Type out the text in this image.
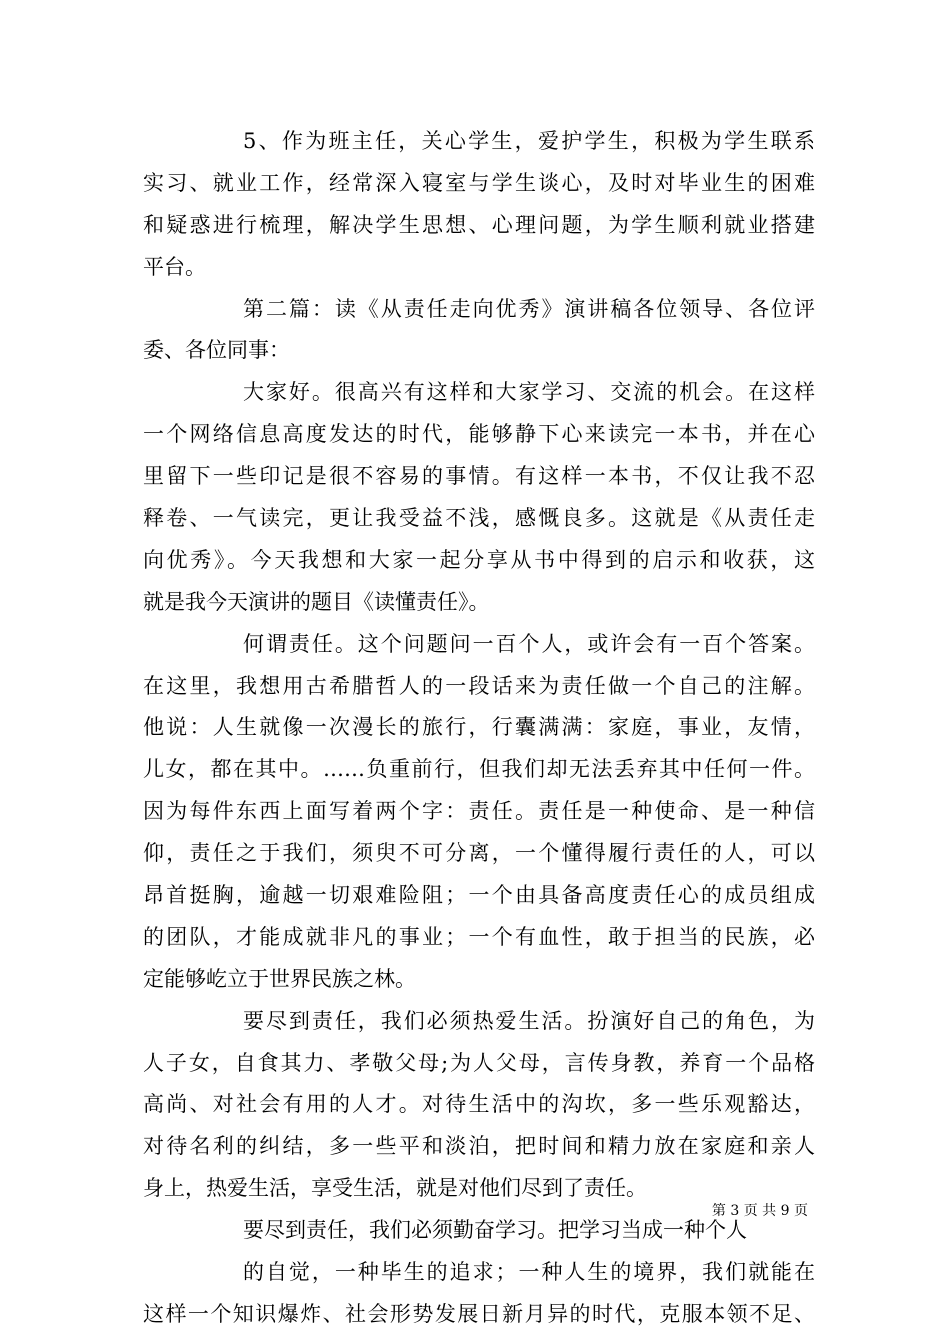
5、作为班主任，关心学生，爱护学生，积极为学生联系
实习、就业工作，经常深入寝室与学生谈心，及时对毕业生的困难
和疑惑进行梳理，解决学生思想、心理问题，为学生顺利就业搭建
平台。
第二篇：读《从责任走向优秀》演讲稿各位领导、各位评
委、各位同事：
大家好。很高兴有这样和大家学习、交流的机会。在这样
一个网络信息高度发达的时代，能够静下心来读完一本书，并在心
里留下一些印记是很不容易的事情。有这样一本书，不仅让我不忍
释卷、一气读完，更让我受益不浅，感慨良多。这就是《从责任走
向优秀》。今天我想和大家一起分享从书中得到的启示和收获，这
就是我今天演讲的题目《读懂责任》。
何谓责任。这个问题问一百个人，或许会有一百个答案。
在这里，我想用古希腊哲人的一段话来为责任做一个自己的注解。
他说：人生就像一次漫长的旅行，行囊满满：家庭，事业，友情，
儿女，都在其中。……负重前行，但我们却无法丢弃其中任何一件。
因为每件东西上面写着两个字：责任。责任是一种使命、是一种信
仰，责任之于我们，须臾不可分离，一个懂得履行责任的人，可以
昂首挺胸，逾越一切艰难险阻；一个由具备高度责任心的成员组成
的团队，才能成就非凡的事业；一个有血性，敢于担当的民族，必
定能够屹立于世界民族之林。
要尽到责任，我们必须热爱生活。扮演好自己的角色，为
人子女，自食其力、孝敬父母;为人父母，言传身教，养育一个品格
高尚、对社会有用的人才。对待生活中的沟坎，多一些乐观豁达，
对待名利的纠结，多一些平和淡泊，把时间和精力放在家庭和亲人
身上，热爱生活，享受生活，就是对他们尽到了责任。
要尽到责任，我们必须勤奋学习。把学习当成一种个人
的自觉，一种毕生的追求；一种人生的境界，我们就能在
这样一个知识爆炸、社会形势发展日新月异的时代，克服本领不足、
第 3 页 共 9 页
